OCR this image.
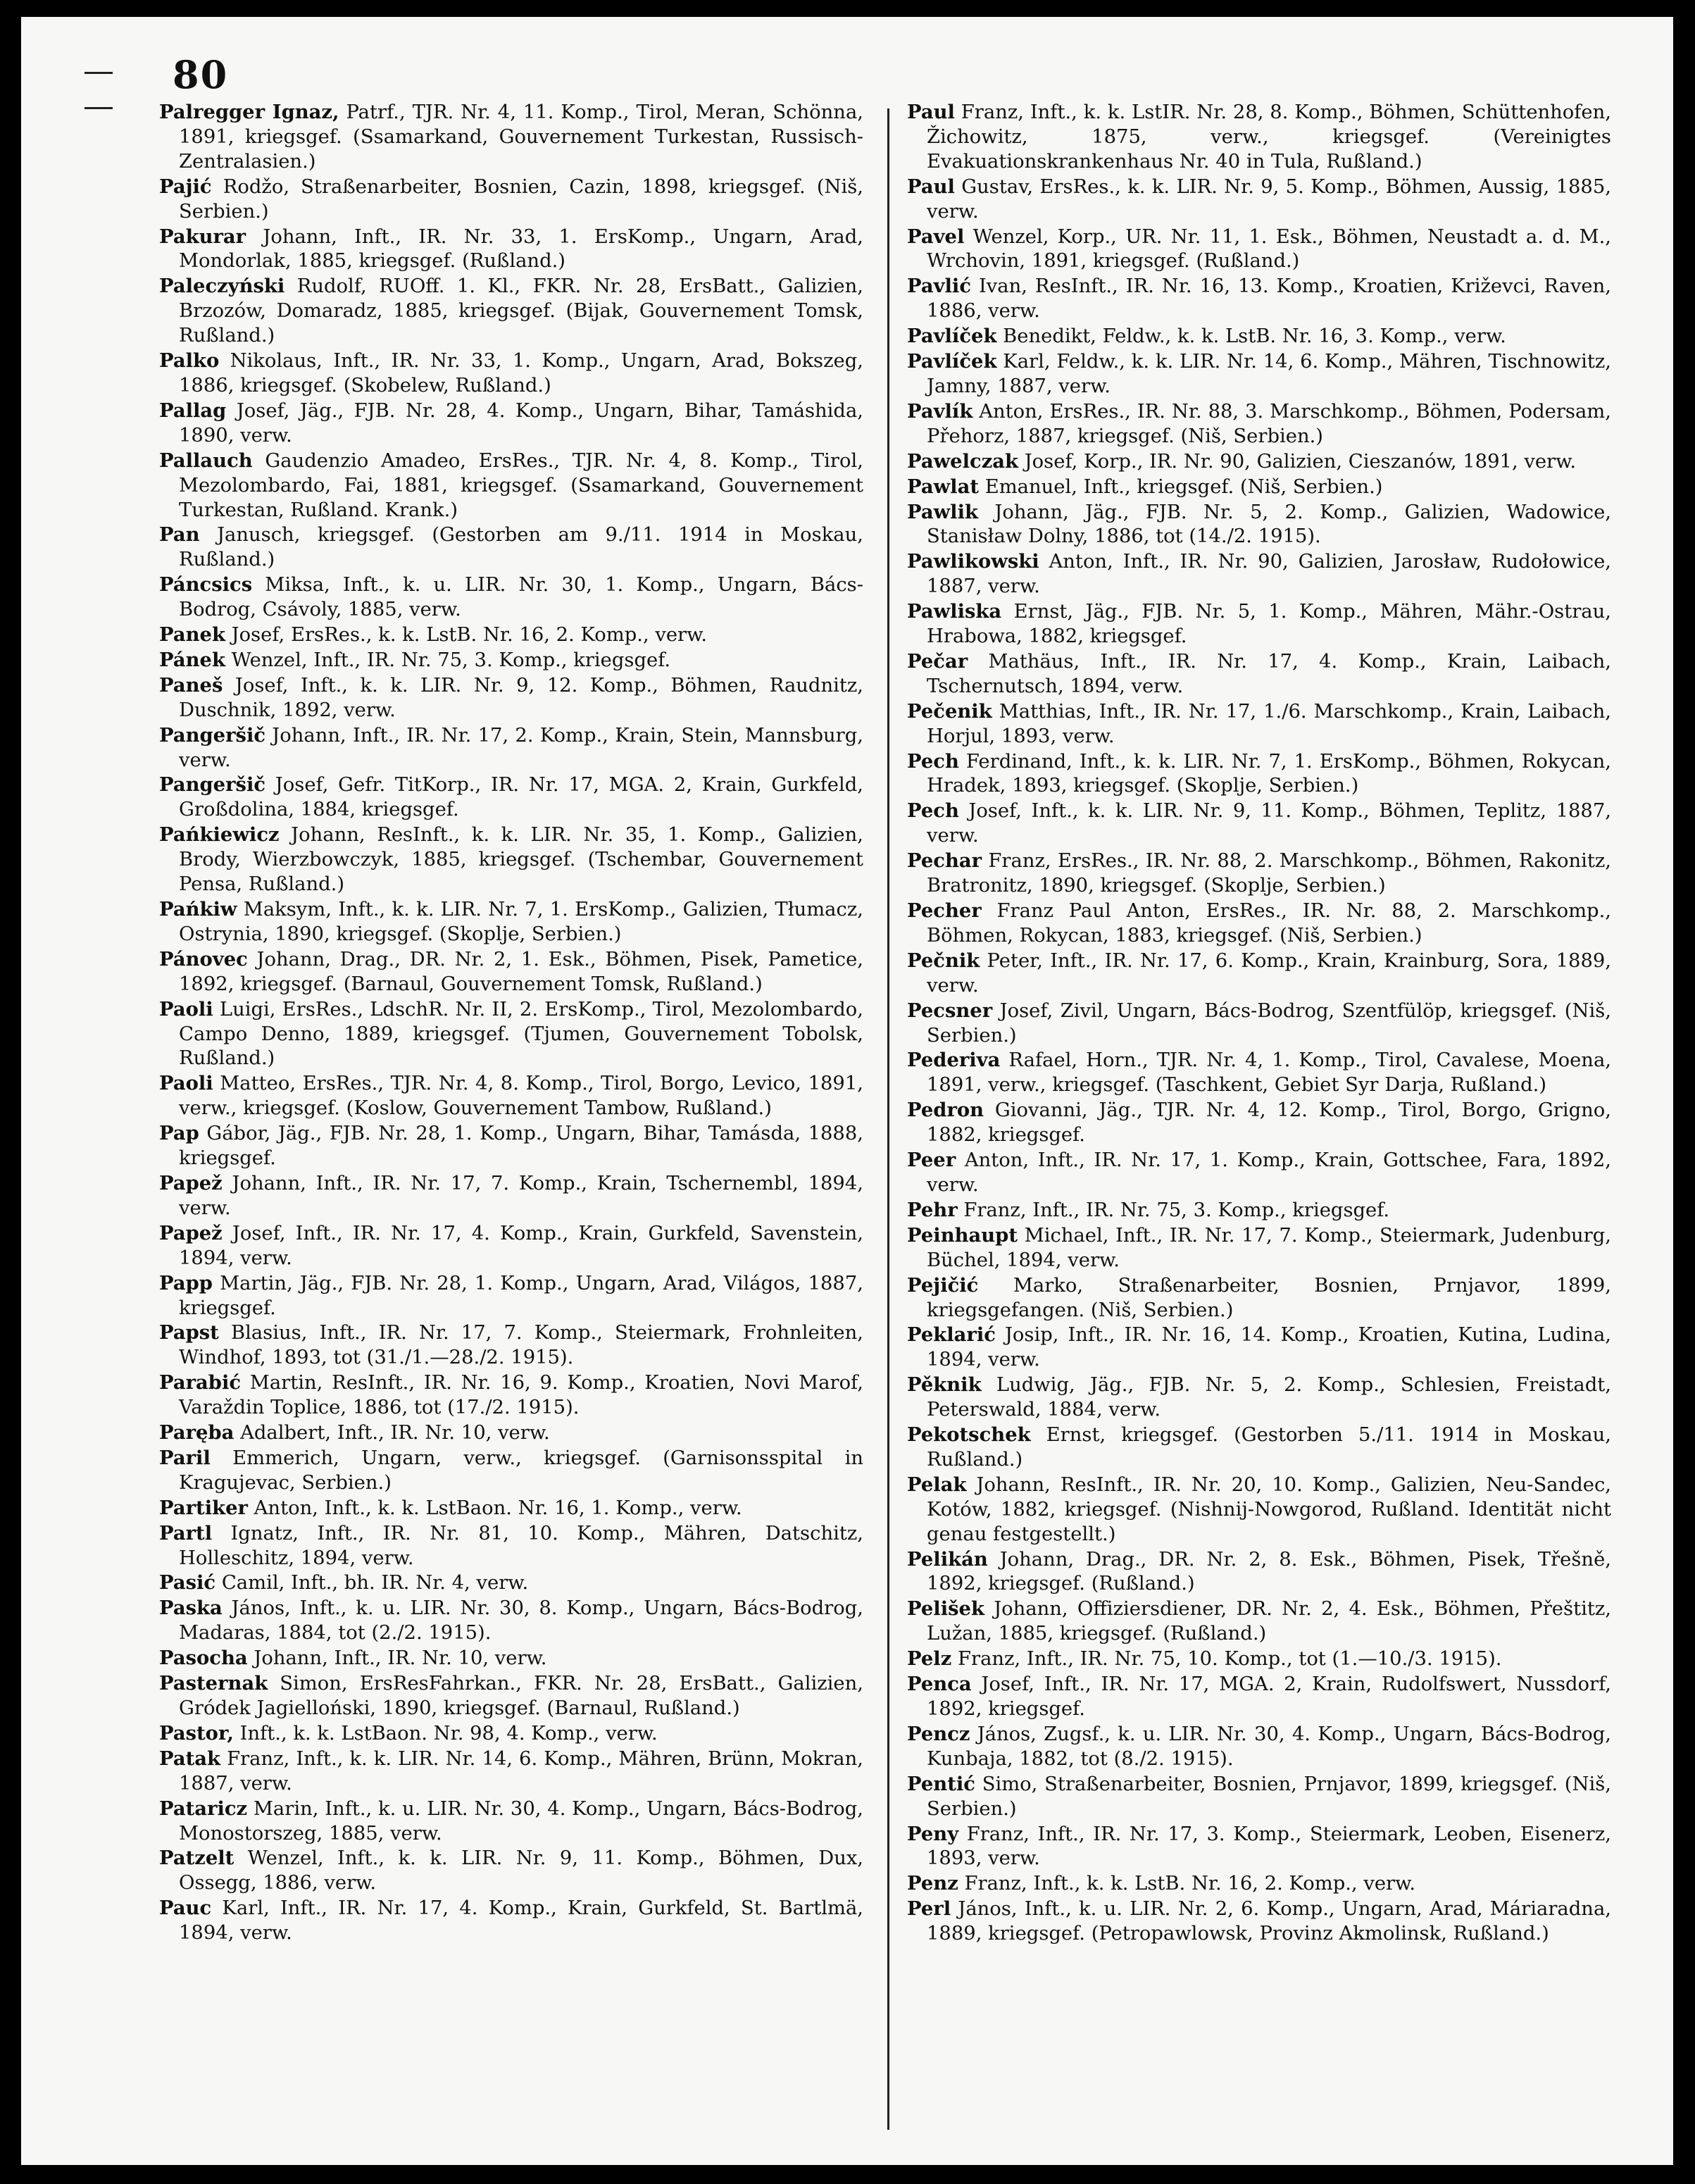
80

Palregger Ignaz, Patrf., TJR. Nr. 4, 11. Komp., Tirol, Meran, Schönna, 1891, kriegsgef. (Ssamarkand, Gouvernement Turkestan, Russisch-Zentralasien.)

Pajić Rodžo, Straßenarbeiter, Bosnien, Cazin, 1898, kriegsgef. (Niš, Serbien.)

Pakurar Johann, Inft., IR. Nr. 33, 1. ErsKomp., Ungarn, Arad, Mondorlak, 1885, kriegsgef. (Rußland.)

Paleczyński Rudolf, RUOff. 1. Kl., FKR. Nr. 28, ErsBatt., Galizien, Brzozów, Domaradz, 1885, kriegsgef. (Bijak, Gouvernement Tomsk, Rußland.)

Palko Nikolaus, Inft., IR. Nr. 33, 1. Komp., Ungarn, Arad, Bokszeg, 1886, kriegsgef. (Skobelew, Rußland.)

Pallag Josef, Jäg., FJB. Nr. 28, 4. Komp., Ungarn, Bihar, Tamáshida, 1890, verw.

Pallauch Gaudenzio Amadeo, ErsRes., TJR. Nr. 4, 8. Komp., Tirol, Mezolombardo, Fai, 1881, kriegsgef. (Ssamarkand, Gouvernement Turkestan, Rußland. Krank.)

Pan Janusch, kriegsgef. (Gestorben am 9./11. 1914 in Moskau, Rußland.)

Páncsics Miksa, Inft., k. u. LIR. Nr. 30, 1. Komp., Ungarn, Bács-Bodrog, Csávoly, 1885, verw.

Panek Josef, ErsRes., k. k. LstB. Nr. 16, 2. Komp., verw.

Pánek Wenzel, Inft., IR. Nr. 75, 3. Komp., kriegsgef.

Paneš Josef, Inft., k. k. LIR. Nr. 9, 12. Komp., Böhmen, Raudnitz, Duschnik, 1892, verw.

Pangeršič Johann, Inft., IR. Nr. 17, 2. Komp., Krain, Stein, Mannsburg, verw.

Pangeršič Josef, Gefr. TitKorp., IR. Nr. 17, MGA. 2, Krain, Gurkfeld, Großdolina, 1884, kriegsgef.

Pańkiewicz Johann, ResInft., k. k. LIR. Nr. 35, 1. Komp., Galizien, Brody, Wierzbowczyk, 1885, kriegsgef. (Tschembar, Gouvernement Pensa, Rußland.)

Pańkiw Maksym, Inft., k. k. LIR. Nr. 7, 1. ErsKomp., Galizien, Tłumacz, Ostrynia, 1890, kriegsgef. (Skoplje, Serbien.)

Pánovec Johann, Drag., DR. Nr. 2, 1. Esk., Böhmen, Pisek, Pametice, 1892, kriegsgef. (Barnaul, Gouvernement Tomsk, Rußland.)

Paoli Luigi, ErsRes., LdschR. Nr. II, 2. ErsKomp., Tirol, Mezolombardo, Campo Denno, 1889, kriegsgef. (Tjumen, Gouvernement Tobolsk, Rußland.)

Paoli Matteo, ErsRes., TJR. Nr. 4, 8. Komp., Tirol, Borgo, Levico, 1891, verw., kriegsgef. (Koslow, Gouvernement Tambow, Rußland.)

Pap Gábor, Jäg., FJB. Nr. 28, 1. Komp., Ungarn, Bihar, Tamásda, 1888, kriegsgef.

Papež Johann, Inft., IR. Nr. 17, 7. Komp., Krain, Tschernembl, 1894, verw.

Papež Josef, Inft., IR. Nr. 17, 4. Komp., Krain, Gurkfeld, Savenstein, 1894, verw.

Papp Martin, Jäg., FJB. Nr. 28, 1. Komp., Ungarn, Arad, Világos, 1887, kriegsgef.

Papst Blasius, Inft., IR. Nr. 17, 7. Komp., Steiermark, Frohnleiten, Windhof, 1893, tot (31./1.—28./2. 1915).

Parabić Martin, ResInft., IR. Nr. 16, 9. Komp., Kroatien, Novi Marof, Varaždin Toplice, 1886, tot (17./2. 1915).

Paręba Adalbert, Inft., IR. Nr. 10, verw.

Paril Emmerich, Ungarn, verw., kriegsgef. (Garnisonsspital in Kragujevac, Serbien.)

Partiker Anton, Inft., k. k. LstBaon. Nr. 16, 1. Komp., verw.

Partl Ignatz, Inft., IR. Nr. 81, 10. Komp., Mähren, Datschitz, Holleschitz, 1894, verw.

Pasić Camil, Inft., bh. IR. Nr. 4, verw.

Paska János, Inft., k. u. LIR. Nr. 30, 8. Komp., Ungarn, Bács-Bodrog, Madaras, 1884, tot (2./2. 1915).

Pasocha Johann, Inft., IR. Nr. 10, verw.

Pasternak Simon, ErsResFahrkan., FKR. Nr. 28, ErsBatt., Galizien, Gródek Jagielloński, 1890, kriegsgef. (Barnaul, Rußland.)

Pastor, Inft., k. k. LstBaon. Nr. 98, 4. Komp., verw.

Patak Franz, Inft., k. k. LIR. Nr. 14, 6. Komp., Mähren, Brünn, Mokran, 1887, verw.

Pataricz Marin, Inft., k. u. LIR. Nr. 30, 4. Komp., Ungarn, Bács-Bodrog, Monostorszeg, 1885, verw.

Patzelt Wenzel, Inft., k. k. LIR. Nr. 9, 11. Komp., Böhmen, Dux, Ossegg, 1886, verw.

Pauc Karl, Inft., IR. Nr. 17, 4. Komp., Krain, Gurkfeld, St. Bartlmä, 1894, verw.

Paul Franz, Inft., k. k. LstIR. Nr. 28, 8. Komp., Böhmen, Schüttenhofen, Žichowitz, 1875, verw., kriegsgef. (Vereinigtes Evakuationskrankenhaus Nr. 40 in Tula, Rußland.)

Paul Gustav, ErsRes., k. k. LIR. Nr. 9, 5. Komp., Böhmen, Aussig, 1885, verw.

Pavel Wenzel, Korp., UR. Nr. 11, 1. Esk., Böhmen, Neustadt a. d. M., Wrchovin, 1891, kriegsgef. (Rußland.)

Pavlić Ivan, ResInft., IR. Nr. 16, 13. Komp., Kroatien, Križevci, Raven, 1886, verw.

Pavlíček Benedikt, Feldw., k. k. LstB. Nr. 16, 3. Komp., verw.

Pavlíček Karl, Feldw., k. k. LIR. Nr. 14, 6. Komp., Mähren, Tischnowitz, Jamny, 1887, verw.

Pavlík Anton, ErsRes., IR. Nr. 88, 3. Marschkomp., Böhmen, Podersam, Přehorz, 1887, kriegsgef. (Niš, Serbien.)

Pawelczak Josef, Korp., IR. Nr. 90, Galizien, Cieszanów, 1891, verw.

Pawlat Emanuel, Inft., kriegsgef. (Niš, Serbien.)

Pawlik Johann, Jäg., FJB. Nr. 5, 2. Komp., Galizien, Wadowice, Stanisław Dolny, 1886, tot (14./2. 1915).

Pawlikowski Anton, Inft., IR. Nr. 90, Galizien, Jarosław, Rudołowice, 1887, verw.

Pawliska Ernst, Jäg., FJB. Nr. 5, 1. Komp., Mähren, Mähr.-Ostrau, Hrabowa, 1882, kriegsgef.

Pečar Mathäus, Inft., IR. Nr. 17, 4. Komp., Krain, Laibach, Tschernutsch, 1894, verw.

Pečenik Matthias, Inft., IR. Nr. 17, 1./6. Marschkomp., Krain, Laibach, Horjul, 1893, verw.

Pech Ferdinand, Inft., k. k. LIR. Nr. 7, 1. ErsKomp., Böhmen, Rokycan, Hradek, 1893, kriegsgef. (Skoplje, Serbien.)

Pech Josef, Inft., k. k. LIR. Nr. 9, 11. Komp., Böhmen, Teplitz, 1887, verw.

Pechar Franz, ErsRes., IR. Nr. 88, 2. Marschkomp., Böhmen, Rakonitz, Bratronitz, 1890, kriegsgef. (Skoplje, Serbien.)

Pecher Franz Paul Anton, ErsRes., IR. Nr. 88, 2. Marschkomp., Böhmen, Rokycan, 1883, kriegsgef. (Niš, Serbien.)

Pečnik Peter, Inft., IR. Nr. 17, 6. Komp., Krain, Krainburg, Sora, 1889, verw.

Pecsner Josef, Zivil, Ungarn, Bács-Bodrog, Szentfülöp, kriegsgef. (Niš, Serbien.)

Pederiva Rafael, Horn., TJR. Nr. 4, 1. Komp., Tirol, Cavalese, Moena, 1891, verw., kriegsgef. (Taschkent, Gebiet Syr Darja, Rußland.)

Pedron Giovanni, Jäg., TJR. Nr. 4, 12. Komp., Tirol, Borgo, Grigno, 1882, kriegsgef.

Peer Anton, Inft., IR. Nr. 17, 1. Komp., Krain, Gottschee, Fara, 1892, verw.

Pehr Franz, Inft., IR. Nr. 75, 3. Komp., kriegsgef.

Peinhaupt Michael, Inft., IR. Nr. 17, 7. Komp., Steiermark, Judenburg, Büchel, 1894, verw.

Pejičić Marko, Straßenarbeiter, Bosnien, Prnjavor, 1899, kriegsgefangen. (Niš, Serbien.)

Peklarić Josip, Inft., IR. Nr. 16, 14. Komp., Kroatien, Kutina, Ludina, 1894, verw.

Pěknik Ludwig, Jäg., FJB. Nr. 5, 2. Komp., Schlesien, Freistadt, Peterswald, 1884, verw.

Pekotschek Ernst, kriegsgef. (Gestorben 5./11. 1914 in Moskau, Rußland.)

Pelak Johann, ResInft., IR. Nr. 20, 10. Komp., Galizien, Neu-Sandec, Kotów, 1882, kriegsgef. (Nishnij-Nowgorod, Rußland. Identität nicht genau festgestellt.)

Pelikán Johann, Drag., DR. Nr. 2, 8. Esk., Böhmen, Pisek, Třešně, 1892, kriegsgef. (Rußland.)

Pelišek Johann, Offiziersdiener, DR. Nr. 2, 4. Esk., Böhmen, Přeštitz, Lužan, 1885, kriegsgef. (Rußland.)

Pelz Franz, Inft., IR. Nr. 75, 10. Komp., tot (1.—10./3. 1915).

Penca Josef, Inft., IR. Nr. 17, MGA. 2, Krain, Rudolfswert, Nussdorf, 1892, kriegsgef.

Pencz János, Zugsf., k. u. LIR. Nr. 30, 4. Komp., Ungarn, Bács-Bodrog, Kunbaja, 1882, tot (8./2. 1915).

Pentić Simo, Straßenarbeiter, Bosnien, Prnjavor, 1899, kriegsgef. (Niš, Serbien.)

Peny Franz, Inft., IR. Nr. 17, 3. Komp., Steiermark, Leoben, Eisenerz, 1893, verw.

Penz Franz, Inft., k. k. LstB. Nr. 16, 2. Komp., verw.

Perl János, Inft., k. u. LIR. Nr. 2, 6. Komp., Ungarn, Arad, Máriaradna, 1889, kriegsgef. (Petropawlowsk, Provinz Akmolinsk, Rußland.)
